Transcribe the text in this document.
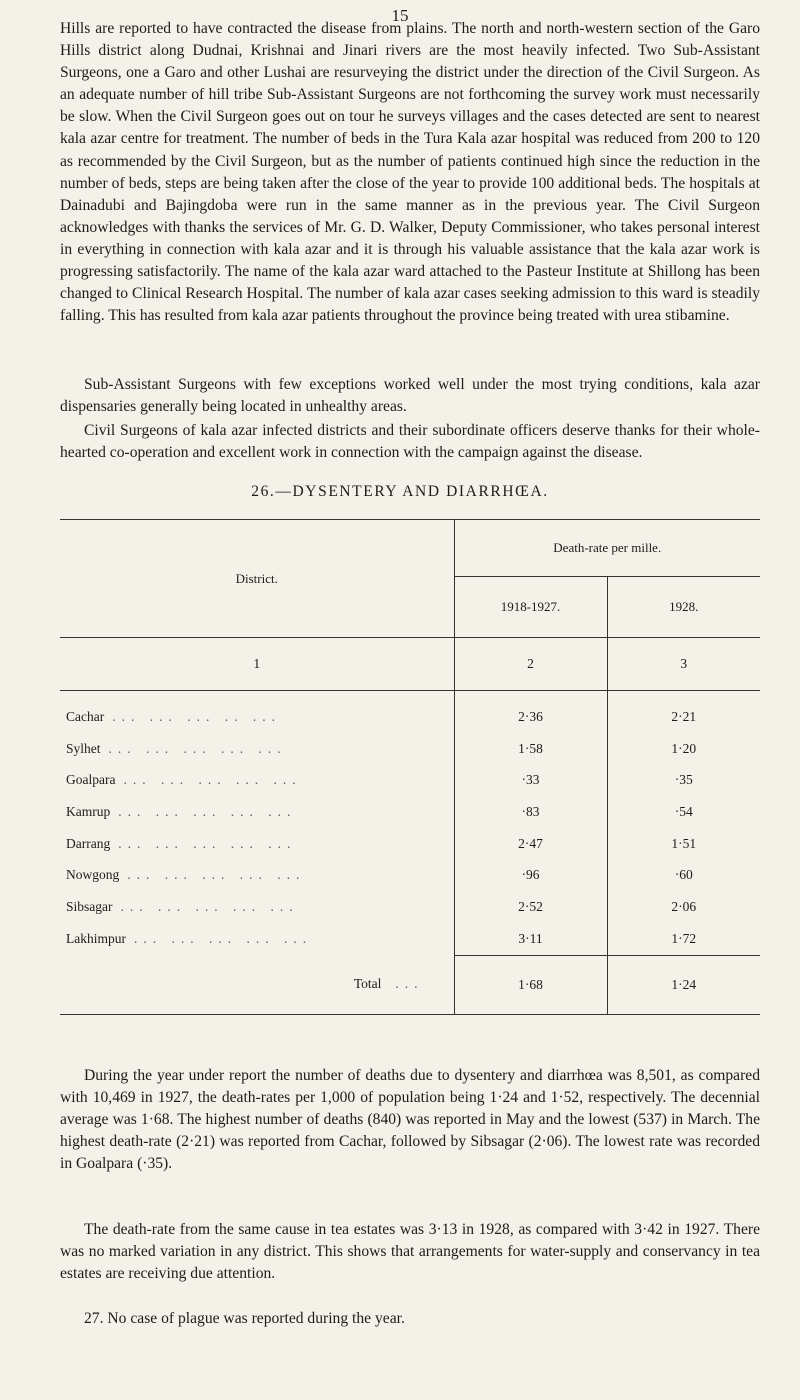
15

Hills are reported to have contracted the disease from plains. The north and north-western section of the Garo Hills district along Dudnai, Krishnai and Jinari rivers are the most heavily infected. Two Sub-Assistant Surgeons, one a Garo and other Lushai are resurveying the district under the direction of the Civil Surgeon. As an adequate number of hill tribe Sub-Assistant Surgeons are not forthcoming the survey work must necessarily be slow. When the Civil Surgeon goes out on tour he surveys villages and the cases detected are sent to nearest kala azar centre for treatment. The number of beds in the Tura Kala azar hospital was reduced from 200 to 120 as recommended by the Civil Surgeon, but as the number of patients continued high since the reduction in the number of beds, steps are being taken after the close of the year to provide 100 additional beds. The hospitals at Dainadubi and Bajingdoba were run in the same manner as in the previous year. The Civil Surgeon acknowledges with thanks the services of Mr. G. D. Walker, Deputy Commissioner, who takes personal interest in everything in connection with kala azar and it is through his valuable assistance that the kala azar work is progressing satisfactorily. The name of the kala azar ward attached to the Pasteur Institute at Shillong has been changed to Clinical Research Hospital. The number of kala azar cases seeking admission to this ward is steadily falling. This has resulted from kala azar patients throughout the province being treated with urea stibamine.

Sub-Assistant Surgeons with few exceptions worked well under the most trying conditions, kala azar dispensaries generally being located in unhealthy areas.

Civil Surgeons of kala azar infected districts and their subordinate officers deserve thanks for their whole-hearted co-operation and excellent work in connection with the campaign against the disease.

26.—DYSENTERY AND DIARRHŒA.
District.	Death-rate per mille.	
	1918-1927.	1928.
1	2	3
Cachar ... ... ... .. ...	2·36	2·21
Sylhet ... ... ... ... ...	1·58	1·20
Goalpara ... ... ... ... ...	·33	·35
Kamrup ... ... ... ... ...	·83	·54
Darrang ... ... ... ... ...	2·47	1·51
Nowgong ... ... ... ... ...	·96	·60
Sibsagar ... ... ... ... ...	2·52	2·06
Lakhimpur ... ... ... ... ...	3·11	1·72
Total ...	1·68	1·24

During the year under report the number of deaths due to dysentery and diarrhœa was 8,501, as compared with 10,469 in 1927, the death-rates per 1,000 of population being 1·24 and 1·52, respectively. The decennial average was 1·68. The highest number of deaths (840) was reported in May and the lowest (537) in March. The highest death-rate (2·21) was reported from Cachar, followed by Sibsagar (2·06). The lowest rate was recorded in Goalpara (·35).

The death-rate from the same cause in tea estates was 3·13 in 1928, as compared with 3·42 in 1927. There was no marked variation in any district. This shows that arrangements for water-supply and conservancy in tea estates are receiving due attention.

27. No case of plague was reported during the year.
